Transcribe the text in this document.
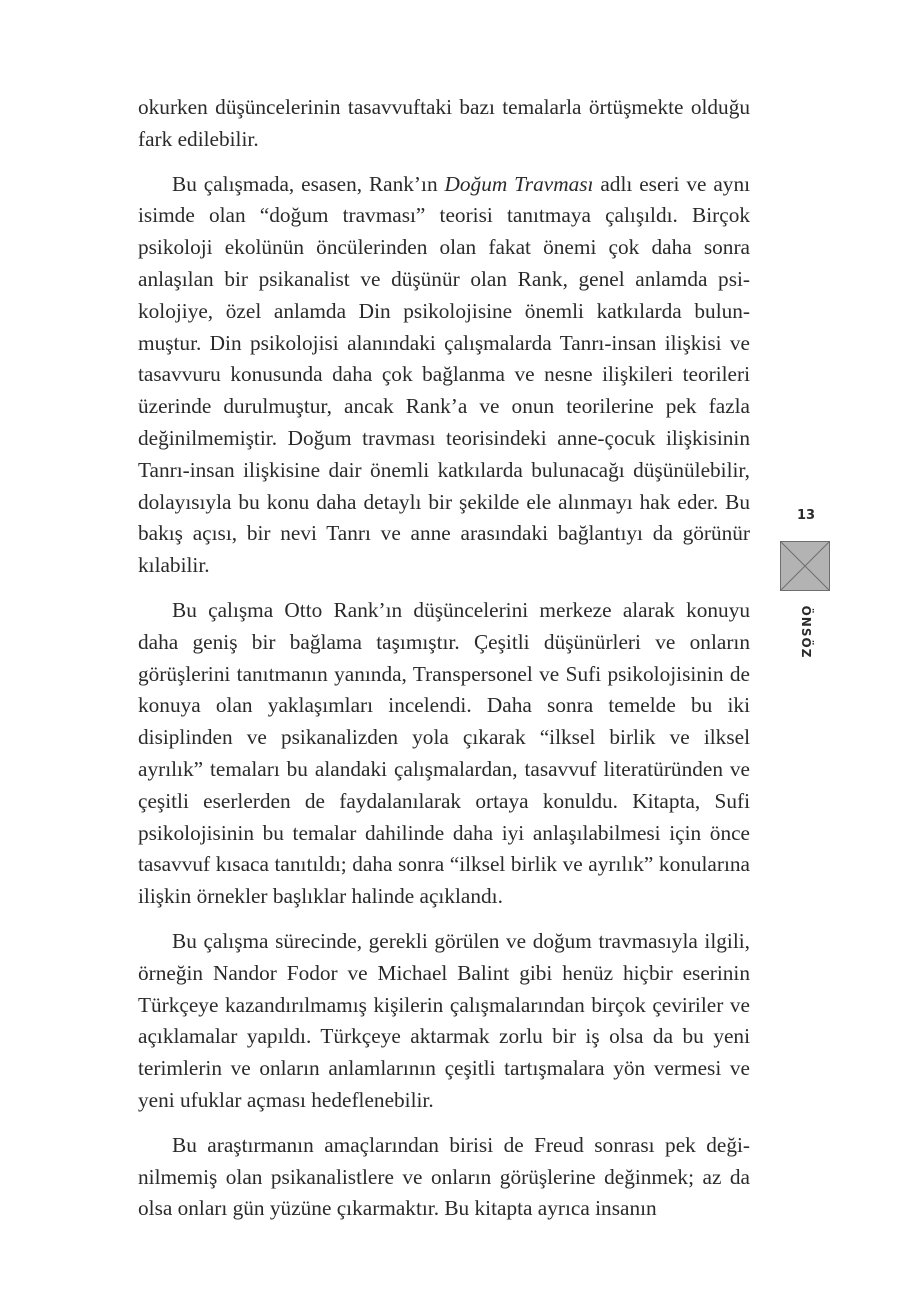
okurken düşüncelerinin tasavvuftaki bazı temalarla örtüşmekte olduğu fark edilebilir.

Bu çalışmada, esasen, Rank’ın Doğum Travması adlı eseri ve aynı isimde olan “doğum travması” teorisi tanıtmaya çalışıldı. Birçok psikoloji ekolünün öncülerinden olan fakat önemi çok daha sonra anlaşılan bir psikanalist ve düşünür olan Rank, genel anlamda psikolojiye, özel anlamda Din psikolojisine önemli katkılarda bulunmuştur. Din psikolojisi alanındaki çalışmalarda Tanrı-insan ilişkisi ve tasavvuru konusunda daha çok bağlanma ve nesne ilişkileri teorileri üzerinde durulmuştur, ancak Rank’a ve onun teorilerine pek fazla değinilmemiştir. Doğum travması teorisindeki anne-çocuk ilişkisinin Tanrı-insan ilişkisine dair önemli katkılarda bulunacağı düşünülebilir, dolayısıyla bu konu daha detaylı bir şekilde ele alınmayı hak eder. Bu bakış açısı, bir nevi Tanrı ve anne arasındaki bağlantıyı da görünür kılabilir.

Bu çalışma Otto Rank’ın düşüncelerini merkeze alarak konuyu daha geniş bir bağlama taşımıştır. Çeşitli düşünürleri ve onların görüşlerini tanıtmanın yanında, Transpersonel ve Sufi psikolojisinin de konuya olan yaklaşımları incelendi. Daha sonra temelde bu iki disiplinden ve psikanalizden yola çıkarak “ilksel birlik ve ilksel ayrılık” temaları bu alandaki çalışmalardan, tasavvuf literatüründen ve çeşitli eserlerden de faydalanılarak ortaya konuldu. Kitapta, Sufi psikolojisinin bu temalar dahilinde daha iyi anlaşılabilmesi için önce tasavvuf kısaca tanıtıldı; daha sonra “ilksel birlik ve ayrılık” konularına ilişkin örnekler başlıklar halinde açıklandı.

Bu çalışma sürecinde, gerekli görülen ve doğum travmasıyla ilgili, örneğin Nandor Fodor ve Michael Balint gibi henüz hiçbir eserinin Türkçeye kazandırılmamış kişilerin çalışmalarından birçok çeviriler ve açıklamalar yapıldı. Türkçeye aktarmak zorlu bir iş olsa da bu yeni terimlerin ve onların anlamlarının çeşitli tartışmalara yön vermesi ve yeni ufuklar açması hedeflenebilir.

Bu araştırmanın amaçlarından birisi de Freud sonrası pek değinilmemiş olan psikanalistlere ve onların görüşlerine değinmek; az da olsa onları gün yüzüne çıkarmaktır. Bu kitapta ayrıca insanın

13
ÖNSÖZ
